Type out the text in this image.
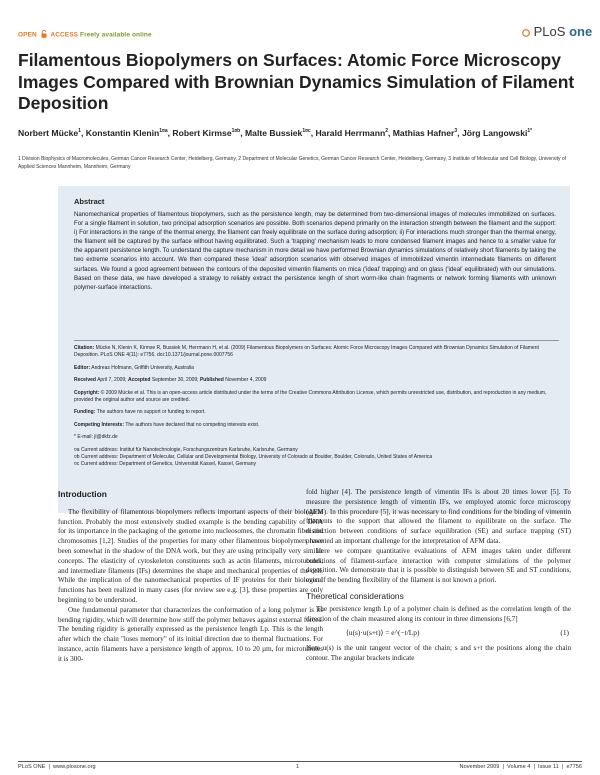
OPEN ACCESS Freely available online	PLoS one
Filamentous Biopolymers on Surfaces: Atomic Force Microscopy Images Compared with Brownian Dynamics Simulation of Filament Deposition
Norbert Mücke$^1$, Konstantin Klenin$^{1¤a}$, Robert Kirmse$^{1¤b}$, Malte Bussiek$^{1¤c}$, Harald Herrmann$^2$, Mathias Hafner$^3$, Jörg Langowski$^{1*}$
1 Division Biophysics of Macromolecules, German Cancer Research Center, Heidelberg, Germany, 2 Department of Molecular Genetics, German Cancer Research Center, Heidelberg, Germany, 3 Institute of Molecular and Cell Biology, University of Applied Sciences Mannheim, Mannheim, Germany
Abstract
Nanomechanical properties of filamentous biopolymers, such as the persistence length, may be determined from two-dimensional images of molecules immobilized on surfaces. For a single filament in solution, two principal adsorption scenarios are possible. Both scenarios depend primarily on the interaction strength between the filament and the support: i) For interactions in the range of the thermal energy, the filament can freely equilibrate on the surface during adsorption; ii) For interactions much stronger than the thermal energy, the filament will be captured by the surface without having equilibrated. Such a 'trapping' mechanism leads to more condensed filament images and hence to a smaller value for the apparent persistence length. To understand the capture mechanism in more detail we have performed Brownian dynamics simulations of relatively short filaments by taking the two extreme scenarios into account. We then compared these 'ideal' adsorption scenarios with observed images of immobilized vimentin intermediate filaments on different surfaces. We found a good agreement between the contours of the deposited vimentin filaments on mica ('ideal' trapping) and on glass ('ideal' equilibrated) with our simulations. Based on these data, we have developed a strategy to reliably extract the persistence length of short worm-like chain fragments or network forming filaments with unknown polymer-surface interactions.
Citation: Mücke N, Klenin K, Kirmse R, Bussiek M, Herrmann H, et al. (2009) Filamentous Biopolymers on Surfaces: Atomic Force Microscopy Images Compared with Brownian Dynamics Simulation of Filament Deposition. PLoS ONE 4(11): e7756. doi:10.1371/journal.pone.0007756
Editor: Andreas Hofmann, Griffith University, Australia
Received April 7, 2009; Accepted September 30, 2009; Published November 4, 2009
Copyright: © 2009 Mücke et al. This is an open-access article distributed under the terms of the Creative Commons Attribution License, which permits unrestricted use, distribution, and reproduction in any medium, provided the original author and source are credited.
Funding: The authors have no support or funding to report.
Competing Interests: The authors have declared that no competing interests exist.
* E-mail: jl@dkfz.de
¤a Current address: Institut für Nanotechnologie, Forschungszentrum Karlsruhe, Karlsruhe, Germany
¤b Current address: Department of Molecular, Cellular and Developmental Biology, University of Colorado at Boulder, Boulder, Colorado, United States of America
¤c Current address: Department of Genetics, Universität Kassel, Kassel, Germany
Introduction

The flexibility of filamentous biopolymers reflects important aspects of their biological function. Probably the most extensively studied example is the bending capability of DNA for its importance in the packaging of the genome into nucleosomes, the chromatin fiber and chromosomes [1,2]. Studies of the properties for many other filamentous biopolymers have been somewhat in the shadow of the DNA work, but they are using principally very similar concepts. The elasticity of cytoskeleton constituents such as actin filaments, microtubules, and intermediate filaments (IFs) determines the shape and mechanical properties of the cell. While the implication of the nanomechanical properties of IF proteins for their biological functions has been realized in many cases (for review see e.g. [3], these properties are only beginning to be understood.

One fundamental parameter that characterizes the conformation of a long polymer is its bending rigidity, which will determine how stiff the polymer behaves against external forces. The bending rigidity is generally expressed as the persistence length Lp. This is the length after which the chain "loses memory" of its initial direction due to thermal fluctuations. For instance, actin filaments have a persistence length of approx. 10 to 20 µm, for microtubules it is 300-

fold higher [4]. The persistence length of vimentin IFs is about 20 times lower [5]. To measure the persistence length of vimentin IFs, we employed atomic force microscopy (AFM). In this procedure [5], it was necessary to find conditions for the binding of vimentin filaments to the support that allowed the filament to equilibrate on the surface. The distinction between conditions of surface equilibration (SE) and surface trapping (ST) presented an important challenge for the interpretation of AFM data.

Here we compare quantitative evaluations of AFM images taken under different conditions of filament-surface interaction with computer simulations of the polymer deposition. We demonstrate that it is possible to distinguish between SE and ST conditions, even if the bending flexibility of the filament is not known a priori.

Theoretical considerations

The persistence length Lp of a polymer chain is defined as the correlation length of the direction of the chain measured along its contour in three dimensions [6,7]

⟨u(s)·u(s+t)⟩ = e^(−t/Lp)	(1)

Here u(s) is the unit tangent vector of the chain; s and s+t the positions along the chain contour. The angular brackets indicate

PLoS ONE  |  www.plosone.org	1	November 2009  |  Volume 4  |  Issue 11  |  e7756
